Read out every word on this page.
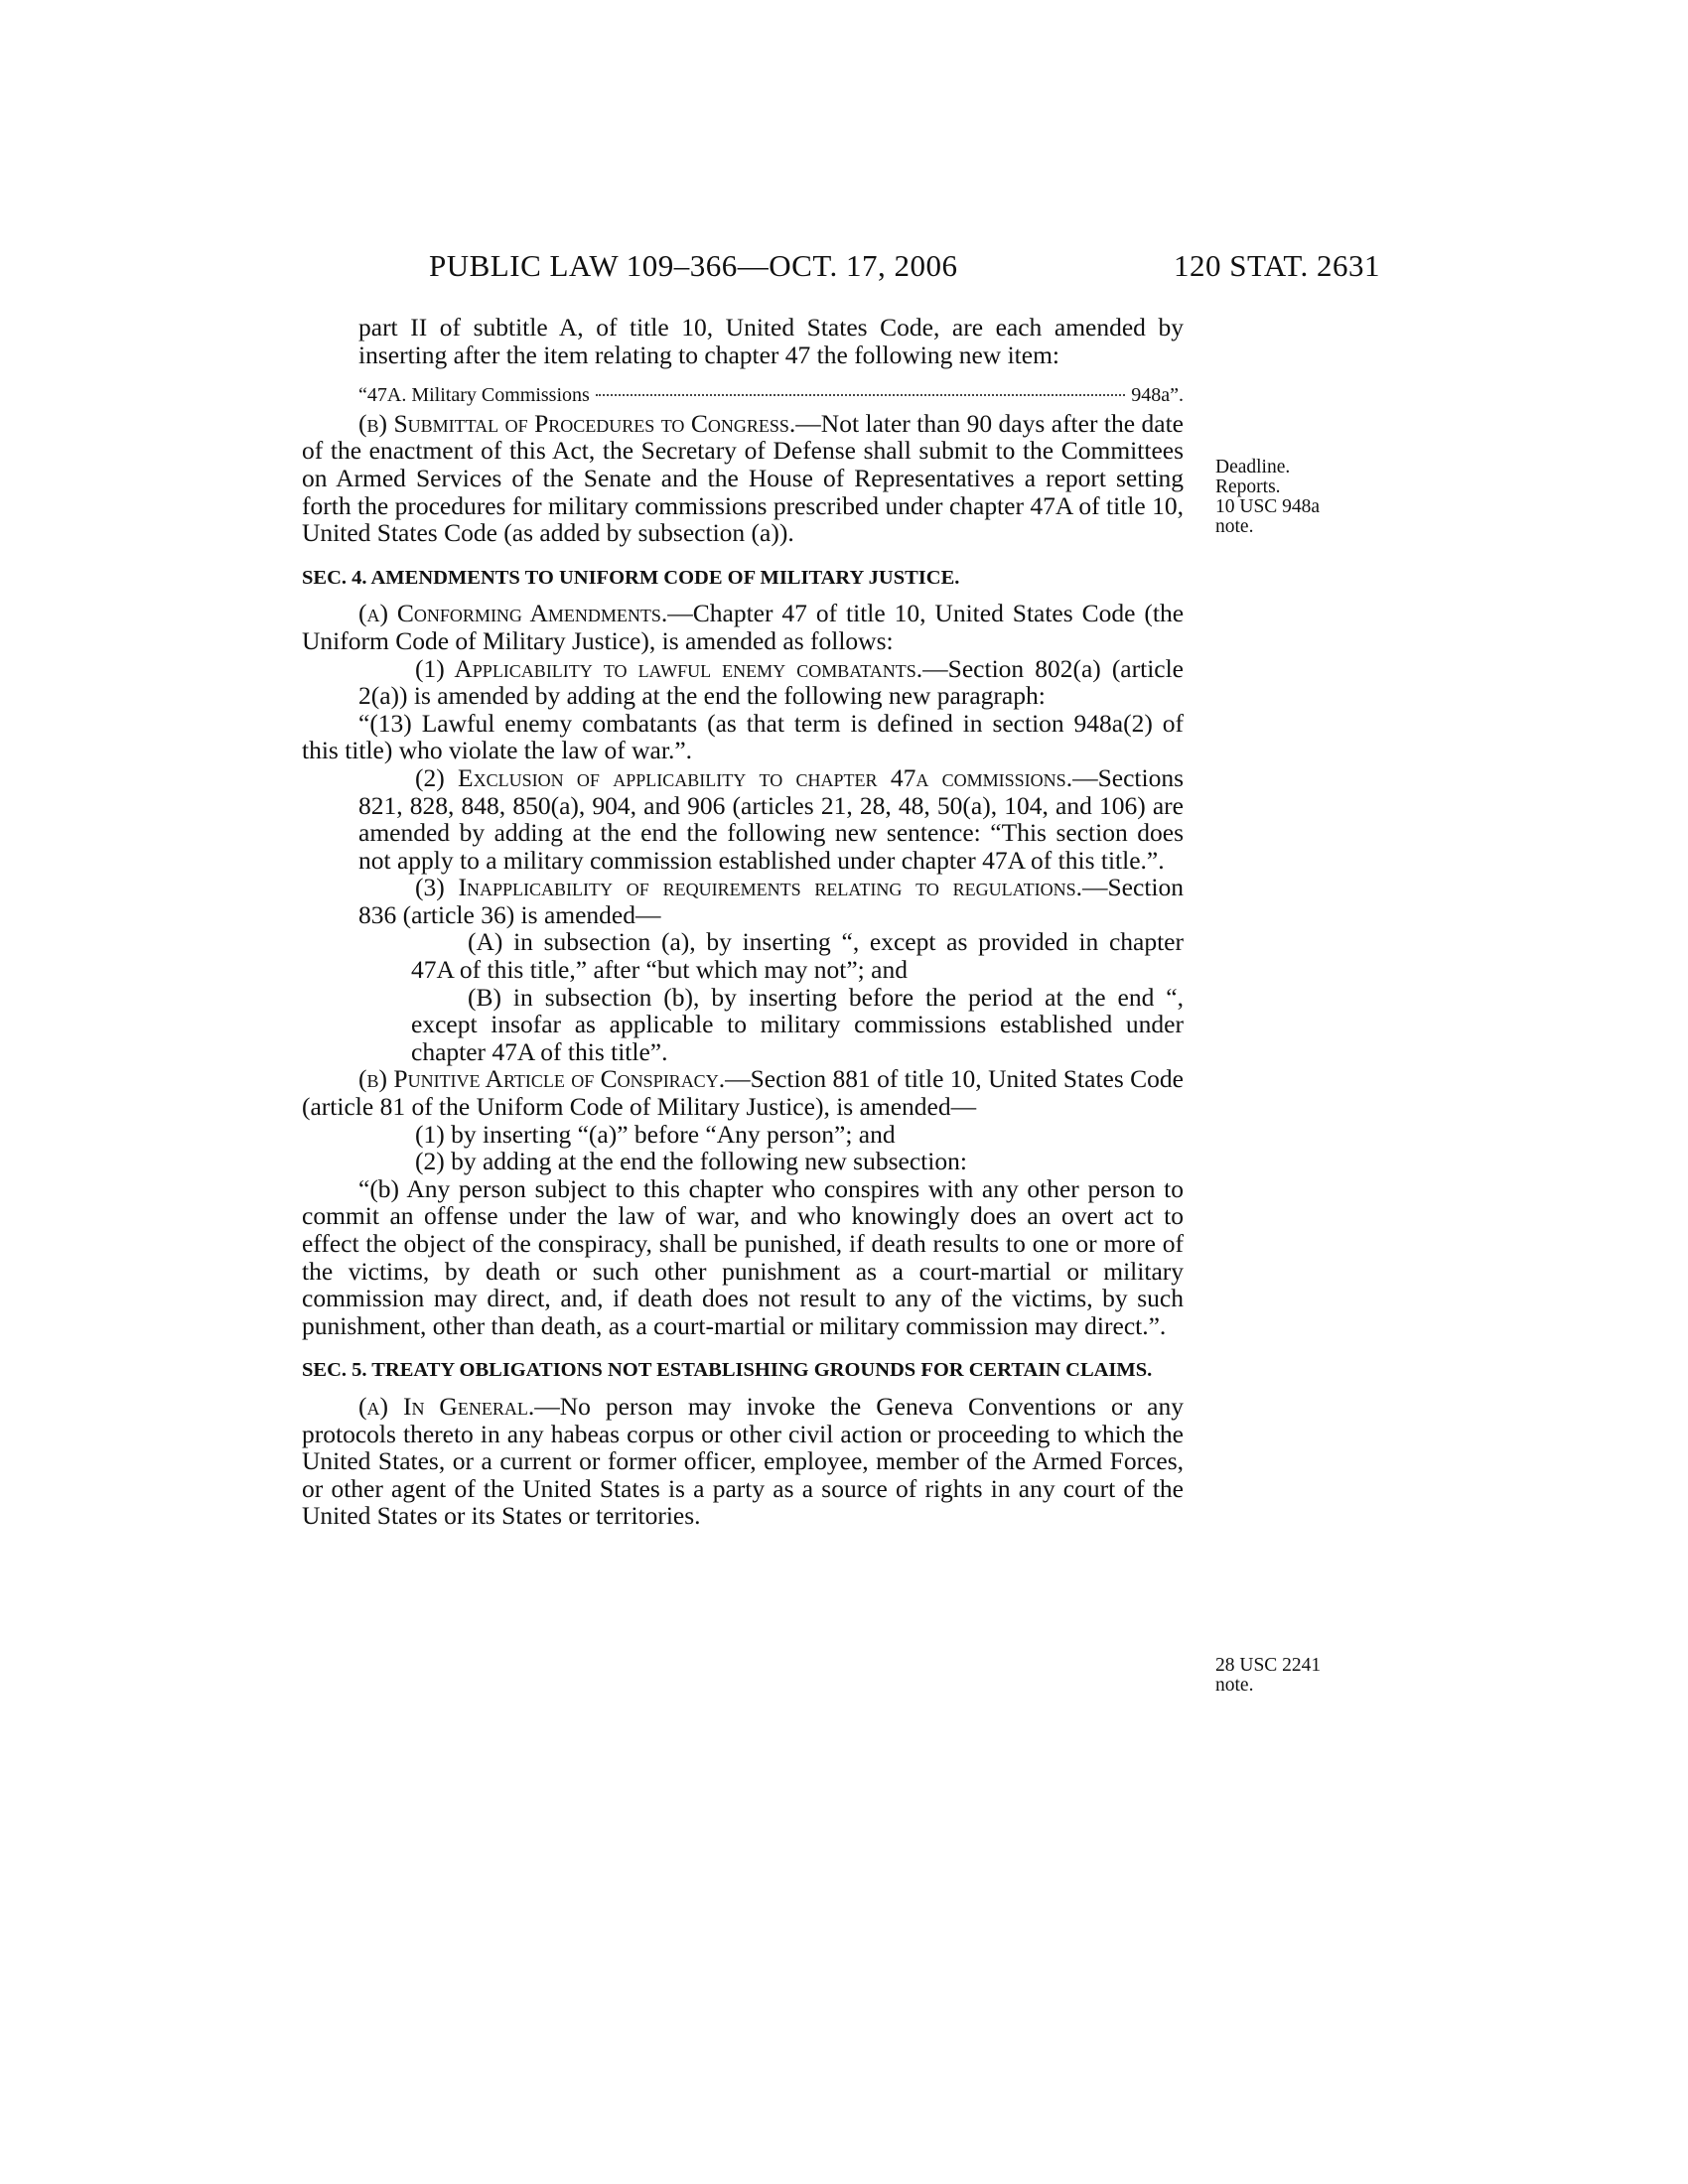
PUBLIC LAW 109–366—OCT. 17, 2006	120 STAT. 2631
Deadline.
Reports.
10 USC 948a
note.
28 USC 2241
note.

part II of subtitle A, of title 10, United States Code, are each amended by inserting after the item relating to chapter 47 the following new item:

“47A. Military Commissions	948a”.

(b) Submittal of Procedures to Congress.—Not later than 90 days after the date of the enactment of this Act, the Secretary of Defense shall submit to the Committees on Armed Services of the Senate and the House of Representatives a report setting forth the procedures for military commissions prescribed under chapter 47A of title 10, United States Code (as added by subsection (a)).

SEC. 4. AMENDMENTS TO UNIFORM CODE OF MILITARY JUSTICE.

(a) Conforming Amendments.—Chapter 47 of title 10, United States Code (the Uniform Code of Military Justice), is amended as follows:

(1) Applicability to lawful enemy combatants.—Section 802(a) (article 2(a)) is amended by adding at the end the following new paragraph:

“(13) Lawful enemy combatants (as that term is defined in section 948a(2) of this title) who violate the law of war.”.

(2) Exclusion of applicability to chapter 47a commissions.—Sections 821, 828, 848, 850(a), 904, and 906 (articles 21, 28, 48, 50(a), 104, and 106) are amended by adding at the end the following new sentence: “This section does not apply to a military commission established under chapter 47A of this title.”.

(3) Inapplicability of requirements relating to regulations.—Section 836 (article 36) is amended—

(A) in subsection (a), by inserting “, except as provided in chapter 47A of this title,” after “but which may not”; and

(B) in subsection (b), by inserting before the period at the end “, except insofar as applicable to military commissions established under chapter 47A of this title”.

(b) Punitive Article of Conspiracy.—Section 881 of title 10, United States Code (article 81 of the Uniform Code of Military Justice), is amended—

(1) by inserting “(a)” before “Any person”; and

(2) by adding at the end the following new subsection:

“(b) Any person subject to this chapter who conspires with any other person to commit an offense under the law of war, and who knowingly does an overt act to effect the object of the conspiracy, shall be punished, if death results to one or more of the victims, by death or such other punishment as a court-martial or military commission may direct, and, if death does not result to any of the victims, by such punishment, other than death, as a court-martial or military commission may direct.”.

SEC. 5. TREATY OBLIGATIONS NOT ESTABLISHING GROUNDS FOR CERTAIN CLAIMS.

(a) In General.—No person may invoke the Geneva Conventions or any protocols thereto in any habeas corpus or other civil action or proceeding to which the United States, or a current or former officer, employee, member of the Armed Forces, or other agent of the United States is a party as a source of rights in any court of the United States or its States or territories.
